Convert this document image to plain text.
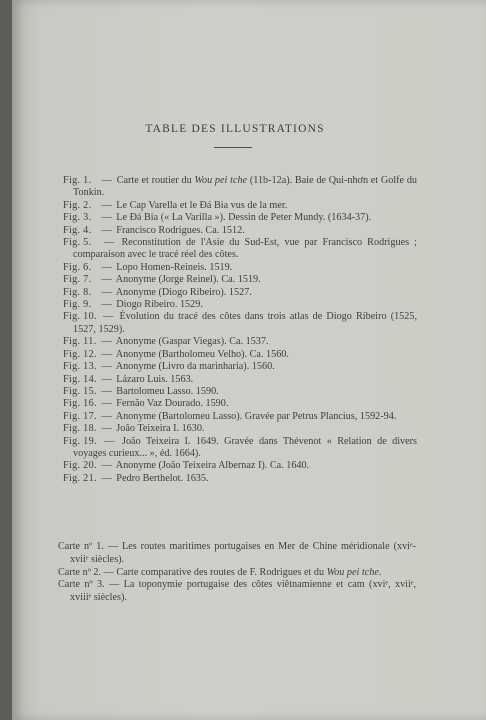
TABLE DES ILLUSTRATIONS
Fig. 1. — Carte et routier du Wou pei tche (11b-12a). Baie de Qui-nhơn et Golfe du Tonkin.
Fig. 2. — Le Cap Varella et le Đá Bia vus de la mer.
Fig. 3. — Le Đá Bia (« La Varilla »). Dessin de Peter Mundy. (1634-37).
Fig. 4. — Francisco Rodrigues. Ca. 1512.
Fig. 5. — Reconstitution de l'Asie du Sud-Est, vue par Francisco Rodrigues ; comparaison avec le tracé réel des côtes.
Fig. 6. — Lopo Homen-Reineis. 1519.
Fig. 7. — Anonyme (Jorge Reinel). Ca. 1519.
Fig. 8. — Anonyme (Diogo Ribeiro). 1527.
Fig. 9. — Diogo Ribeiro. 1529.
Fig. 10. — Évolution du tracé des côtes dans trois atlas de Diogo Ribeiro (1525, 1527, 1529).
Fig. 11. — Anonyme (Gaspar Viegas). Ca. 1537.
Fig. 12. — Anonyme (Bartholomeu Velho). Ca. 1560.
Fig. 13. — Anonyme (Livro da marinharia). 1560.
Fig. 14. — Lázaro Luis. 1563.
Fig. 15. — Bartolomeu Lasso. 1590.
Fig. 16. — Fernão Vaz Dourado. 1590.
Fig. 17. — Anonyme (Bartolomeu Lasso). Gravée par Petrus Plancius, 1592-94.
Fig. 18. — João Teixeira I. 1630.
Fig. 19. — João Teixeira I. 1649. Gravée dans Thévenot « Relation de divers voyages curieux... », éd. 1664).
Fig. 20. — Anonyme (João Teixeira Albernaz I). Ca. 1640.
Fig. 21. — Pedro Berthelot. 1635.
Carte nº 1. — Les routes maritimes portugaises en Mer de Chine méridionale (xviᵉ-xviiᵉ siècles).
Carte nº 2. — Carte comparative des routes de F. Rodrigues et du Wou pei tche.
Carte nº 3. — La toponymie portugaise des côtes viêtnamienne et cam (xviᵉ, xviiᵉ, xviiiᵉ siècles).
